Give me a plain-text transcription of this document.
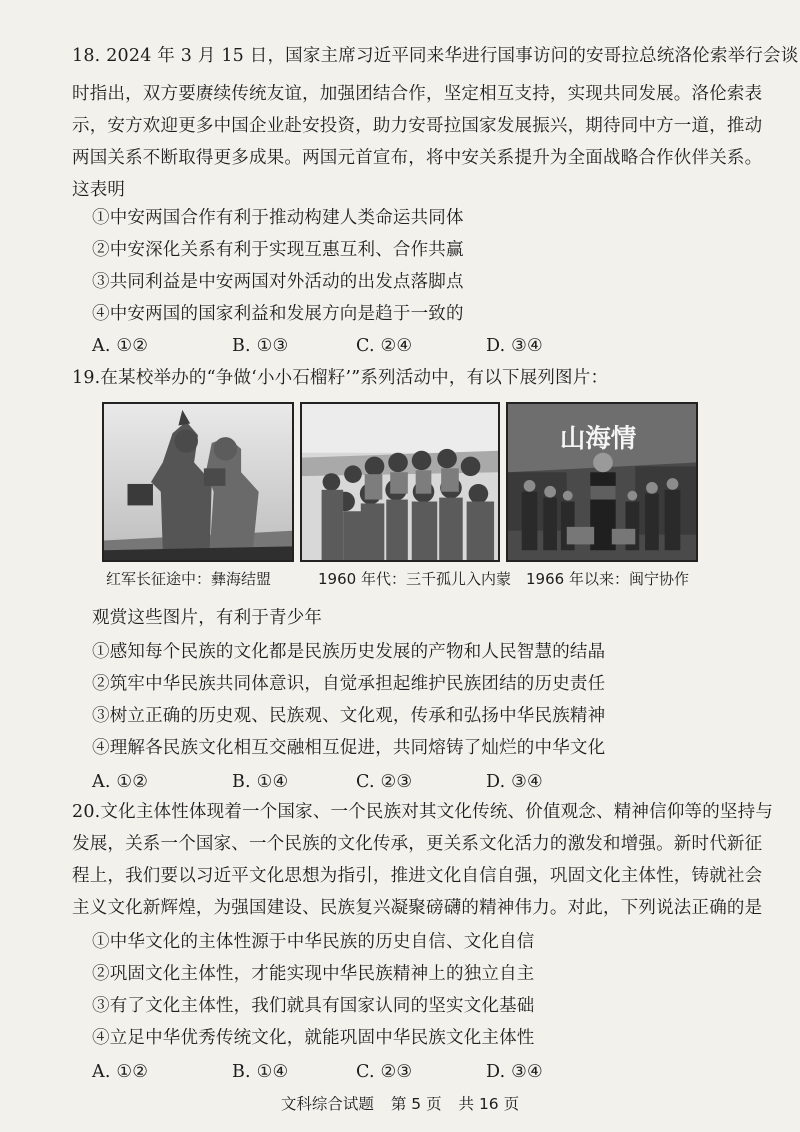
18. 2024 年 3 月 15 日，国家主席习近平同来华进行国事访问的安哥拉总统洛伦索举行会谈
时指出，双方要赓续传统友谊，加强团结合作，坚定相互支持，实现共同发展。洛伦索表
示，安方欢迎更多中国企业赴安投资，助力安哥拉国家发展振兴，期待同中方一道，推动
两国关系不断取得更多成果。两国元首宣布，将中安关系提升为全面战略合作伙伴关系。
这表明
①中安两国合作有利于推动构建人类命运共同体
②中安深化关系有利于实现互惠互利、合作共赢
③共同利益是中安两国对外活动的出发点落脚点
④中安两国的国家利益和发展方向是趋于一致的
A. ①②	B. ①③	C. ②④	D. ③④
19.在某校举办的“争做‘小小石榴籽’”系列活动中，有以下展列图片：
山海情
红军长征途中：彝海结盟	1960 年代：三千孤儿入内蒙 1966 年以来：闽宁协作
观赏这些图片，有利于青少年
①感知每个民族的文化都是民族历史发展的产物和人民智慧的结晶
②筑牢中华民族共同体意识，自觉承担起维护民族团结的历史责任
③树立正确的历史观、民族观、文化观，传承和弘扬中华民族精神
④理解各民族文化相互交融相互促进，共同熔铸了灿烂的中华文化
A. ①②	B. ①④	C. ②③	D. ③④
20.文化主体性体现着一个国家、一个民族对其文化传统、价值观念、精神信仰等的坚持与
发展，关系一个国家、一个民族的文化传承，更关系文化活力的激发和增强。新时代新征
程上，我们要以习近平文化思想为指引，推进文化自信自强，巩固文化主体性，铸就社会
主义文化新辉煌，为强国建设、民族复兴凝聚磅礴的精神伟力。对此，下列说法正确的是
①中华文化的主体性源于中华民族的历史自信、文化自信
②巩固文化主体性，才能实现中华民族精神上的独立自主
③有了文化主体性，我们就具有国家认同的坚实文化基础
④立足中华优秀传统文化，就能巩固中华民族文化主体性
A. ①②	B. ①④	C. ②③	D. ③④
文科综合试题 第 5 页 共 16 页
